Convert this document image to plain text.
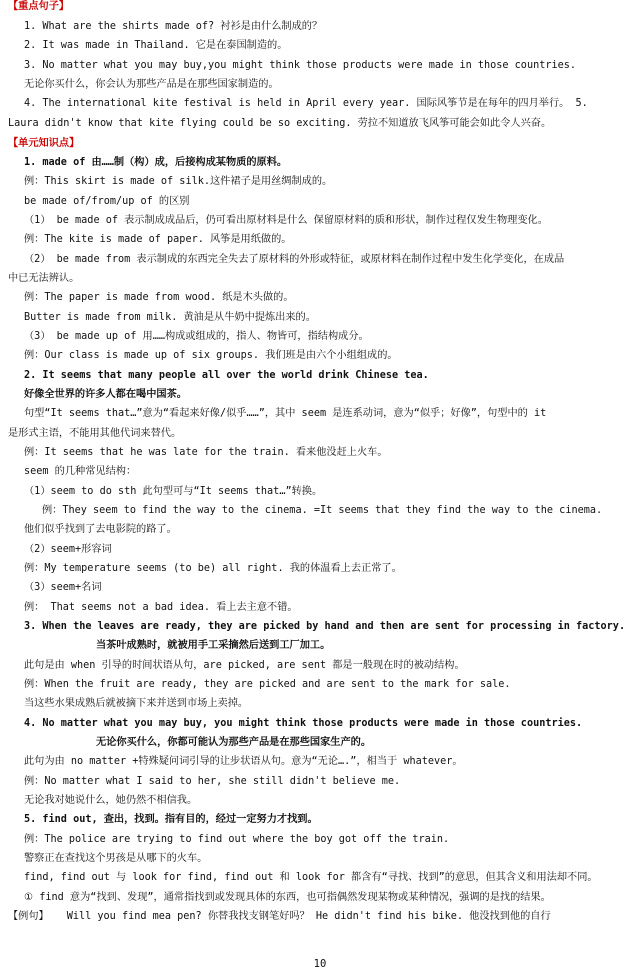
【重点句子】
1. What are the shirts made of? 衬衫是由什么制成的？
2. It was made in Thailand. 它是在泰国制造的。
3. No matter what you may buy,you might think those products were made in those countries.
无论你买什么，你会认为那些产品是在那些国家制造的。
4. The international kite festival is held in April every year. 国际风筝节是在每年的四月举行。 5.
Laura didn't know that kite flying could be so exciting. 劳拉不知道放飞风筝可能会如此令人兴奋。
【单元知识点】
1. made of 由……制（构）成，后接构成某物质的原料。
例：This skirt is made of silk.这件裙子是用丝绸制成的。
be made of/from/up of 的区别
（1） be made of 表示制成成品后，仍可看出原材料是什么 保留原材料的质和形状，制作过程仅发生物理变化。
例：The kite is made of paper. 风筝是用纸做的。
（2） be made from 表示制成的东西完全失去了原材料的外形或特征，或原材料在制作过程中发生化学变化，在成品
中已无法辨认。
例：The paper is made from wood. 纸是木头做的。
Butter is made from milk. 黄油是从牛奶中提炼出来的。
（3） be made up of 用……构成或组成的，指人、物皆可，指结构成分。
例：Our class is made up of six groups. 我们班是由六个小组组成的。
2. It seems that many people all over the world drink Chinese tea.
好像全世界的许多人都在喝中国茶。
句型“It seems that…”意为“看起来好像/似乎……”，其中 seem 是连系动词，意为“似乎；好像”，句型中的 it
是形式主语，不能用其他代词来替代。
例：It seems that he was late for the train. 看来他没赶上火车。
seem 的几种常见结构：
（1）seem to do sth 此句型可与“It seems that…”转换。
例：They seem to find the way to the cinema. =It seems that they find the way to the cinema.
他们似乎找到了去电影院的路了。
（2）seem+形容词
例：My temperature seems (to be) all right. 我的体温看上去正常了。
（3）seem+名词
例： That seems not a bad idea. 看上去主意不错。
3. When the leaves are ready, they are picked by hand and then are sent for processing in factory.
当茶叶成熟时，就被用手工采摘然后送到工厂加工。
此句是由 when 引导的时间状语从句，are picked, are sent 都是一般现在时的被动结构。
例：When the fruit are ready, they are picked and are sent to the mark for sale.
当这些水果成熟后就被摘下来并送到市场上卖掉。
4. No matter what you may buy, you might think those products were made in those countries.
无论你买什么，你都可能认为那些产品是在那些国家生产的。
此句为由 no matter +特殊疑问词引导的让步状语从句。意为“无论….”，相当于 whatever。
例：No matter what I said to her, she still didn't believe me.
无论我对她说什么，她仍然不相信我。
5. find out, 查出，找到。指有目的，经过一定努力才找到。
例：The police are trying to find out where the boy got off the train.
警察正在查找这个男孩是从哪下的火车。
find, find out 与 look for find, find out 和 look for 都含有“寻找、找到”的意思，但其含义和用法却不同。
① find 意为“找到、发现”，通常指找到或发现具体的东西，也可指偶然发现某物或某种情况，强调的是找的结果。
【例句】 Will you find mea pen? 你替我找支钢笔好吗？ He didn't find his bike. 他没找到他的自行
10
